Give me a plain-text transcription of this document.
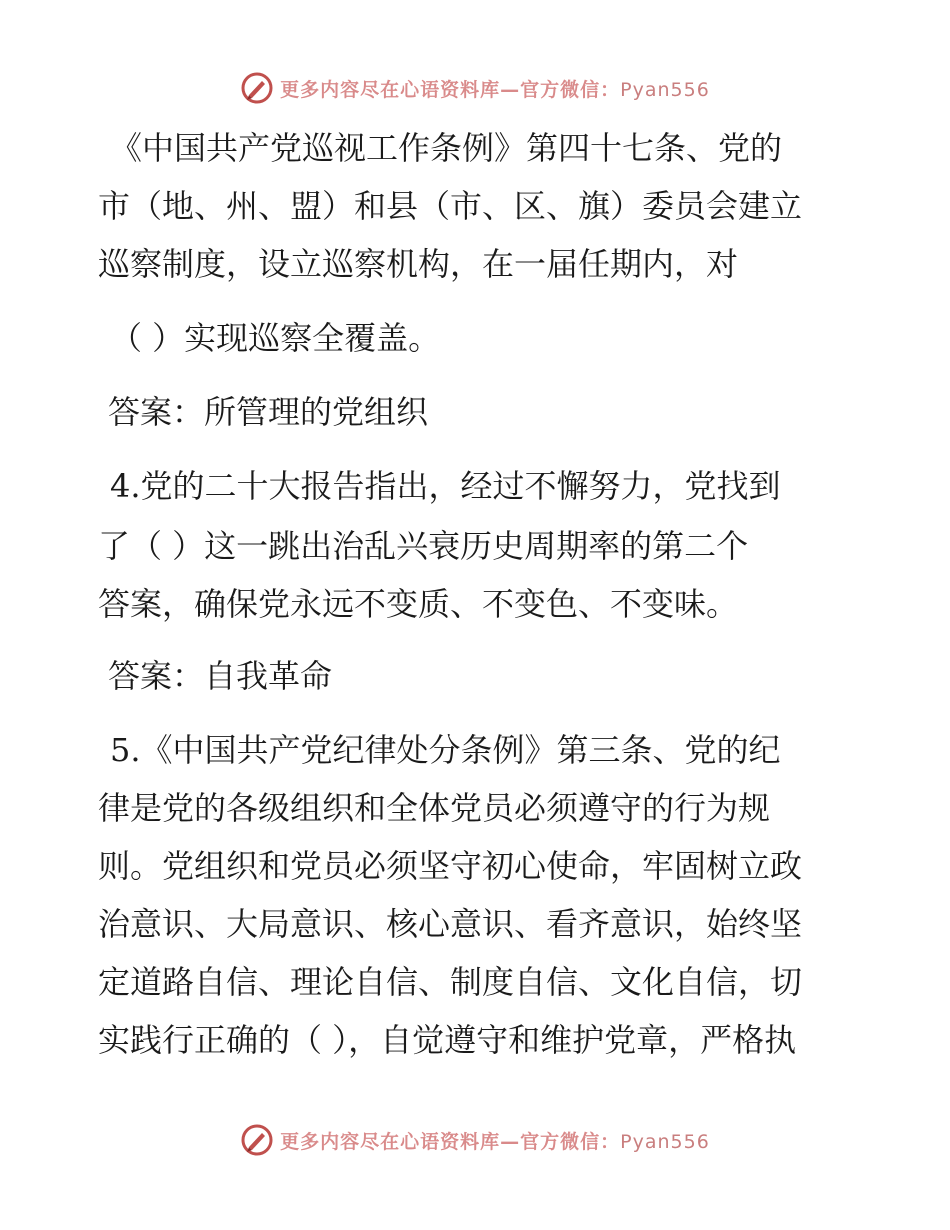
更多内容尽在心语资料库—官方微信：Pyan556
《中国共产党巡视工作条例》第四十七条、党的
市（地、州、盟）和县（市、区、旗）委员会建立
巡察制度，设立巡察机构，在一届任期内，对
（ ）实现巡察全覆盖。
答案：所管理的党组织
4.党的二十大报告指出，经过不懈努力，党找到
了（ ）这一跳出治乱兴衰历史周期率的第二个
答案，确保党永远不变质、不变色、不变味。
答案：自我革命
5.《中国共产党纪律处分条例》第三条、党的纪
律是党的各级组织和全体党员必须遵守的行为规
则。党组织和党员必须坚守初心使命，牢固树立政
治意识、大局意识、核心意识、看齐意识，始终坚
定道路自信、理论自信、制度自信、文化自信，切
实践行正确的（ ），自觉遵守和维护党章，严格执
更多内容尽在心语资料库—官方微信：Pyan556
